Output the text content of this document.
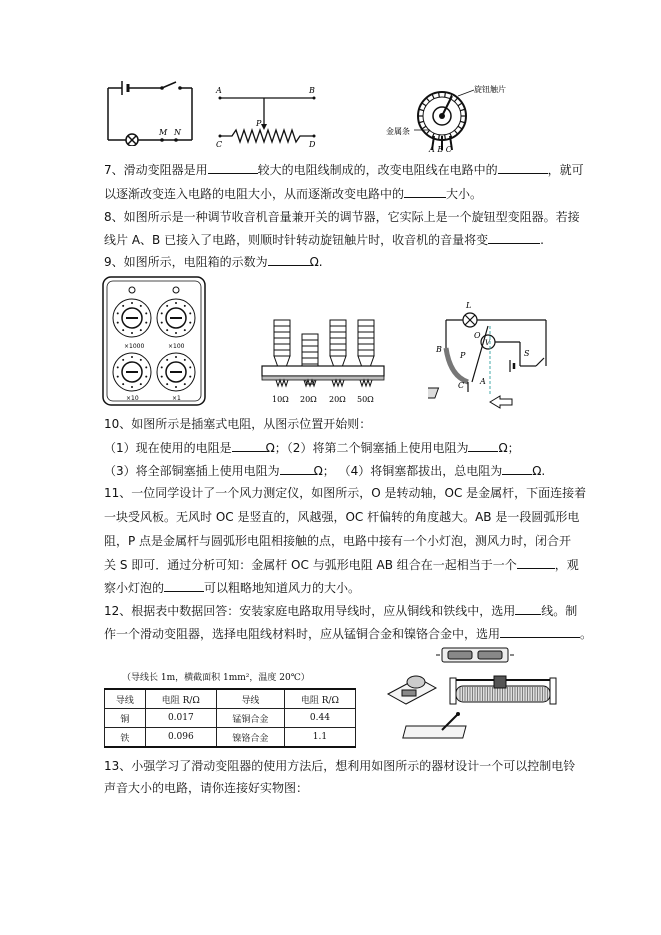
M N
A	B
C	D
P
旋钮触片
金属条
A B C
7、滑动变阻器是用	较大的电阻线制成的，改变电阻线在电路中的	，就可
以逐渐改变连入电路的电阻大小，从而逐渐改变电路中的	大小。
8、如图所示是一种调节收音机音量兼开关的调节器，它实际上是一个旋钮型变阻器。若接
线片 A、B 已接入了电路，则顺时针转动旋钮触片时，收音机的音量将变	.
9、如图所示，电阻箱的示数为	Ω.
×1000	×100
×10	×1	10Ω 20Ω 20Ω 50Ω
L
O
B
P
V
S
C A
10、如图所示是插塞式电阻，从图示位置开始则：
（1）现在使用的电阻是	Ω；（2）将第二个铜塞插上使用电阻为	Ω；
（3）将全部铜塞插上使用电阻为	Ω； （4）将铜塞都拔出，总电阻为	Ω.
11、一位同学设计了一个风力测定仪，如图所示，O 是转动轴，OC 是金属杆，下面连接着
一块受风板。无风时 OC 是竖直的，风越强，OC 杆偏转的角度越大。AB 是一段圆弧形电
阻，P 点是金属杆与圆弧形电阻相接触的点，电路中接有一个小灯泡，测风力时，闭合开
关 S 即可．通过分析可知：金属杆 OC 与弧形电阻 AB 组合在一起相当于一个	，观
察小灯泡的	可以粗略地知道风力的大小。
12、根据表中数据回答：安装家庭电路取用导线时，应从铜线和铁线中，选用 线。制
作一个滑动变阻器，选择电阻线材料时，应从锰铜合金和镍铬合金中，选用	。
（导线长 1m，横截面积 1mm²，温度 20℃）
导线	电阻 R/Ω	导线	电阻 R/Ω
铜	0.017	锰铜合金	0.44
铁	0.096	镍铬合金	1.1
13、小强学习了滑动变阻器的使用方法后，想利用如图所示的器材设计一个可以控制电铃
声音大小的电路，请你连接好实物图：
